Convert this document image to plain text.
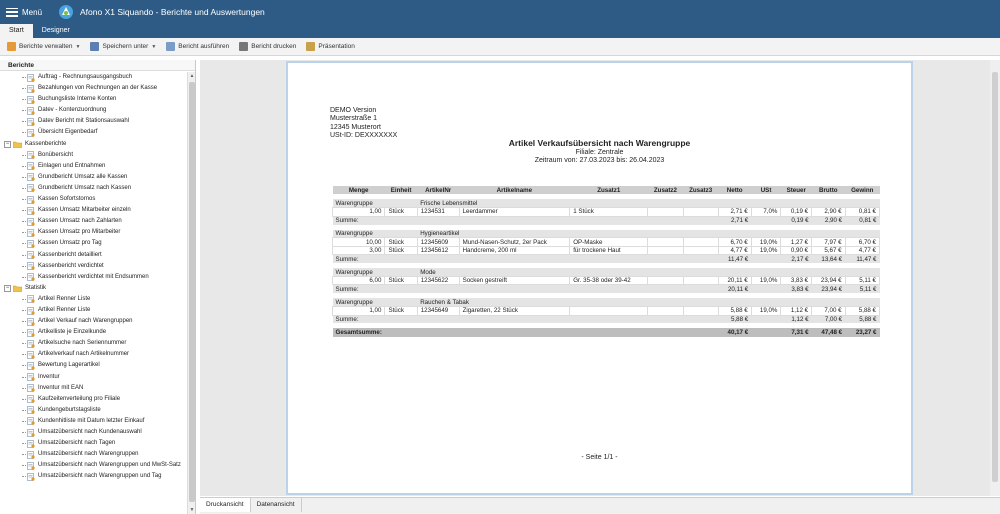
Menü	Afono X1 Siquando - Berichte und Auswertungen
Start	Designer
Berichte verwalten ▼	Speichern unter ▼	Bericht ausführen	Bericht drucken	Präsentation
Berichte
Auftrag - Rechnungsausgangsbuch
Bezahlungen von Rechnungen an der Kasse
Buchungsliste Interne Konten
Datev - Kontenzuordnung
Datev Bericht mit Stationsauswahl
Übersicht Eigenbedarf
−	Kassenberichte
Bonübersicht
Einlagen und Entnahmen
Grundbericht Umsatz alle Kassen
Grundbericht Umsatz nach Kassen
Kassen Sofortstornos
Kassen Umsatz Mitarbeiter einzeln
Kassen Umsatz nach Zahlarten
Kassen Umsatz pro Mitarbeiter
Kassen Umsatz pro Tag
Kassenbericht detailliert
Kassenbericht verdichtet
Kassenbericht verdichtet mit Endsummen
−	Statistik
Artikel Renner Liste
Artikel Renner Liste
Artikel Verkauf nach Warengruppen
Artikelliste je Einzelkunde
Artikelsuche nach Seriennummer
Artikelverkauf nach Artikelnummer
Bewertung Lagerartikel
Inventur
Inventur mit EAN
Kaufzeitenverteilung pro Filiale
Kundengeburtstagsliste
Kundenhitliste mit Datum letzter Einkauf
Umsatzübersicht nach Kundenauswahl
Umsatzübersicht nach Tagen
Umsatzübersicht nach Warengruppen
Umsatzübersicht nach Warengruppen und MwSt-Satz
Umsatzübersicht nach Warengruppen und Tag
▲
▼
DEMO Version
Musterstraße 1
12345 Musterort
USt-ID: DEXXXXXXX
Artikel Verkaufsübersicht nach Warengruppe
Filiale: Zentrale
Zeitraum von: 27.03.2023 bis: 26.04.2023
Menge	Einheit	ArtikelNr	Artikelname	Zusatz1	Zusatz2	Zusatz3	Netto	USt	Steuer	Brutto	Gewinn

Warengruppe		Frische Lebensmittel									
1,00	Stück	1234531	Leerdammer	1 Stück			2,71 €	7,0%	0,19 €	2,90 €	0,81 €
Summe:							2,71 €		0,19 €	2,90 €	0,81 €

Warengruppe		Hygieneartikel									
10,00	Stück	12345609	Mund-Nasen-Schutz, 2er Pack	OP-Maske			6,70 €	19,0%	1,27 €	7,97 €	6,70 €
3,00	Stück	12345612	Handcreme, 200 ml	für trockene Haut			4,77 €	19,0%	0,90 €	5,67 €	4,77 €
Summe:							11,47 €		2,17 €	13,64 €	11,47 €

Warengruppe		Mode									
6,00	Stück	12345622	Socken gestreift	Gr. 35-38 oder 39-42			20,11 €	19,0%	3,83 €	23,94 €	5,11 €
Summe:							20,11 €		3,83 €	23,94 €	5,11 €

Warengruppe		Rauchen & Tabak									
1,00	Stück	12345649	Zigaretten, 22 Stück				5,88 €	19,0%	1,12 €	7,00 €	5,88 €
Summe:							5,88 €		1,12 €	7,00 €	5,88 €

Gesamtsumme:							40,17 €		7,31 €	47,48 €	23,27 €
- Seite 1/1 -
Druckansicht	Datenansicht
